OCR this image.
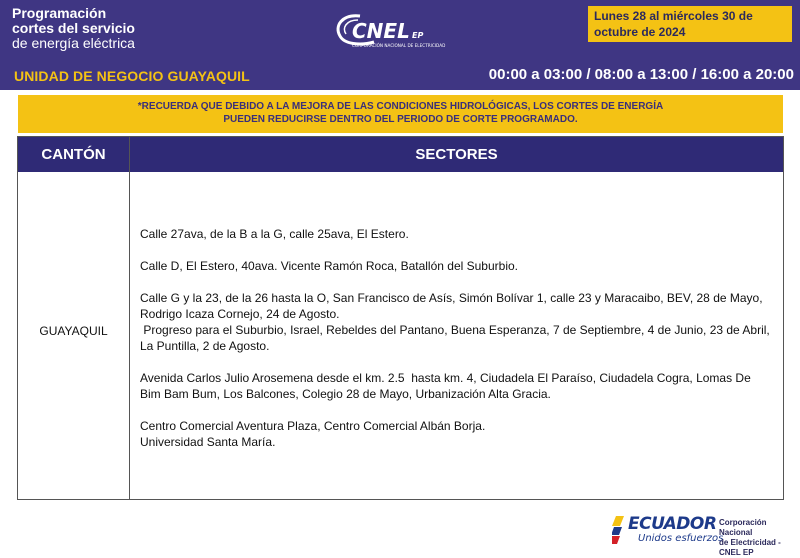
Programación
cortes del servicio
de energía eléctrica
UNIDAD DE NEGOCIO GUAYAQUIL
CNEL EP
CORPORACIÓN NACIONAL DE ELECTRICIDAD
Lunes 28 al miércoles 30 de
octubre de 2024
00:00 a 03:00 / 08:00 a 13:00 / 16:00 a 20:00
*RECUERDA QUE DEBIDO A LA MEJORA DE LAS CONDICIONES HIDROLÓGICAS, LOS CORTES DE ENERGÍA
PUEDEN REDUCIRSE DENTRO DEL PERIODO DE CORTE PROGRAMADO.
CANTÓN	SECTORES
GUAYAQUIL

Calle 27ava, de la B a la G, calle 25ava, El Estero.

Calle D, El Estero, 40ava. Vicente Ramón Roca, Batallón del Suburbio.

Calle G y la 23, de la 26 hasta la O, San Francisco de Asís, Simón Bolívar 1, calle 23 y Maracaibo, BEV, 28 de Mayo, Rodrigo Icaza Cornejo, 24 de Agosto.
Progreso para el Suburbio, Israel, Rebeldes del Pantano, Buena Esperanza, 7 de Septiembre, 4 de Junio, 23 de Abril, La Puntilla, 2 de Agosto.

Avenida Carlos Julio Arosemena desde el km. 2.5  hasta km. 4, Ciudadela El Paraíso, Ciudadela Cogra, Lomas De Bim Bam Bum, Los Balcones, Colegio 28 de Mayo, Urbanización Alta Gracia.

Centro Comercial Aventura Plaza, Centro Comercial Albán Borja.
Universidad Santa María.

ECUADOR
Unidos esfuerzos
Corporación Nacional
de Electricidad - CNEL EP
